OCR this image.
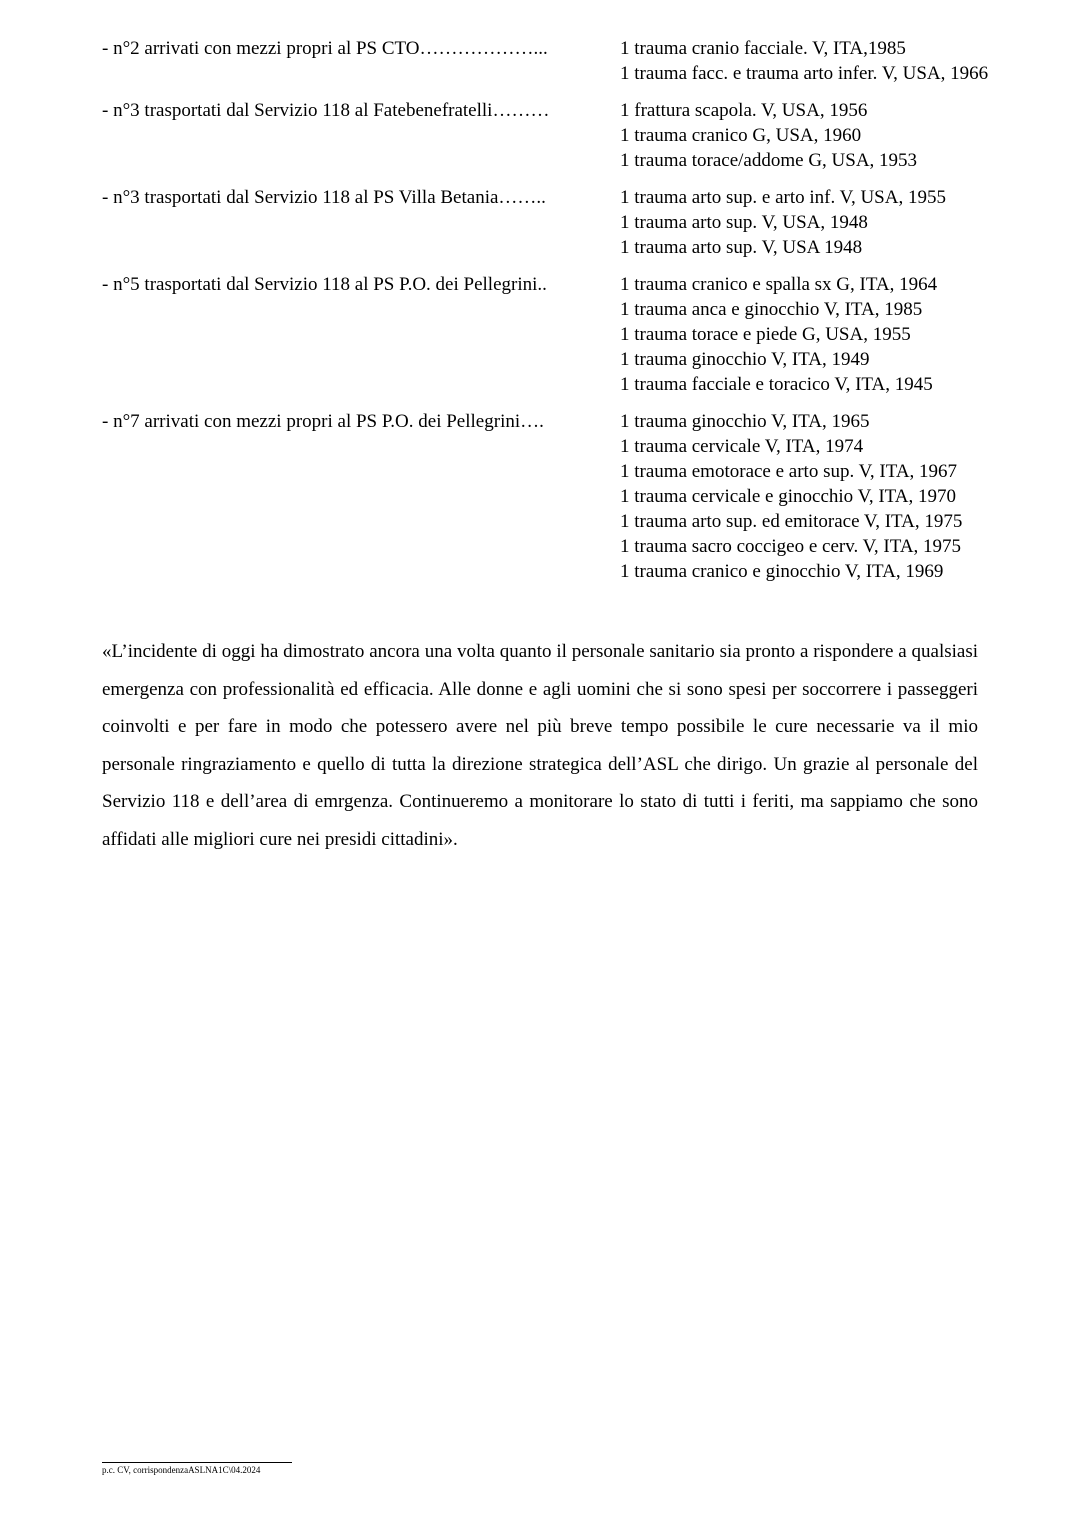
- n°2 arrivati con mezzi propri al PS CTO………………...	1 trauma cranio facciale. V, ITA,1985
1 trauma facc. e trauma arto infer. V, USA, 1966
- n°3 trasportati dal Servizio 118 al Fatebenefratelli………	1 frattura scapola. V, USA, 1956
1 trauma cranico G, USA, 1960
1 trauma torace/addome G, USA, 1953
- n°3 trasportati dal Servizio 118 al PS Villa Betania……..	1 trauma arto sup. e arto inf. V, USA, 1955
1 trauma arto sup. V, USA, 1948
1 trauma arto sup. V, USA 1948
- n°5 trasportati dal Servizio 118 al PS P.O. dei Pellegrini..	1 trauma cranico e spalla sx G, ITA, 1964
1 trauma anca e ginocchio V, ITA, 1985
1 trauma torace e piede G, USA, 1955
1 trauma ginocchio V, ITA, 1949
1 trauma facciale e toracico V, ITA, 1945
- n°7 arrivati con mezzi propri al PS P.O. dei Pellegrini….	1 trauma ginocchio V, ITA, 1965
1 trauma cervicale V, ITA, 1974
1 trauma emotorace e arto sup. V, ITA, 1967
1 trauma cervicale e ginocchio V, ITA, 1970
1 trauma arto sup. ed emitorace V, ITA, 1975
1 trauma sacro coccigeo e cerv. V, ITA, 1975
1 trauma cranico e ginocchio V, ITA, 1969

«L’incidente di oggi ha dimostrato ancora una volta quanto il personale sanitario sia pronto a rispondere a qualsiasi emergenza con professionalità ed efficacia. Alle donne e agli uomini che si sono spesi per soccorrere i passeggeri coinvolti e per fare in modo che potessero avere nel più breve tempo possibile le cure necessarie va il mio personale ringraziamento e quello di tutta la direzione strategica dell’ASL che dirigo. Un grazie al personale del Servizio 118 e dell’area di emrgenza. Continueremo a monitorare lo stato di tutti i feriti, ma sappiamo che sono affidati alle migliori cure nei presidi cittadini».

p.c. CV, corrispondenzaASLNA1C\04.2024
